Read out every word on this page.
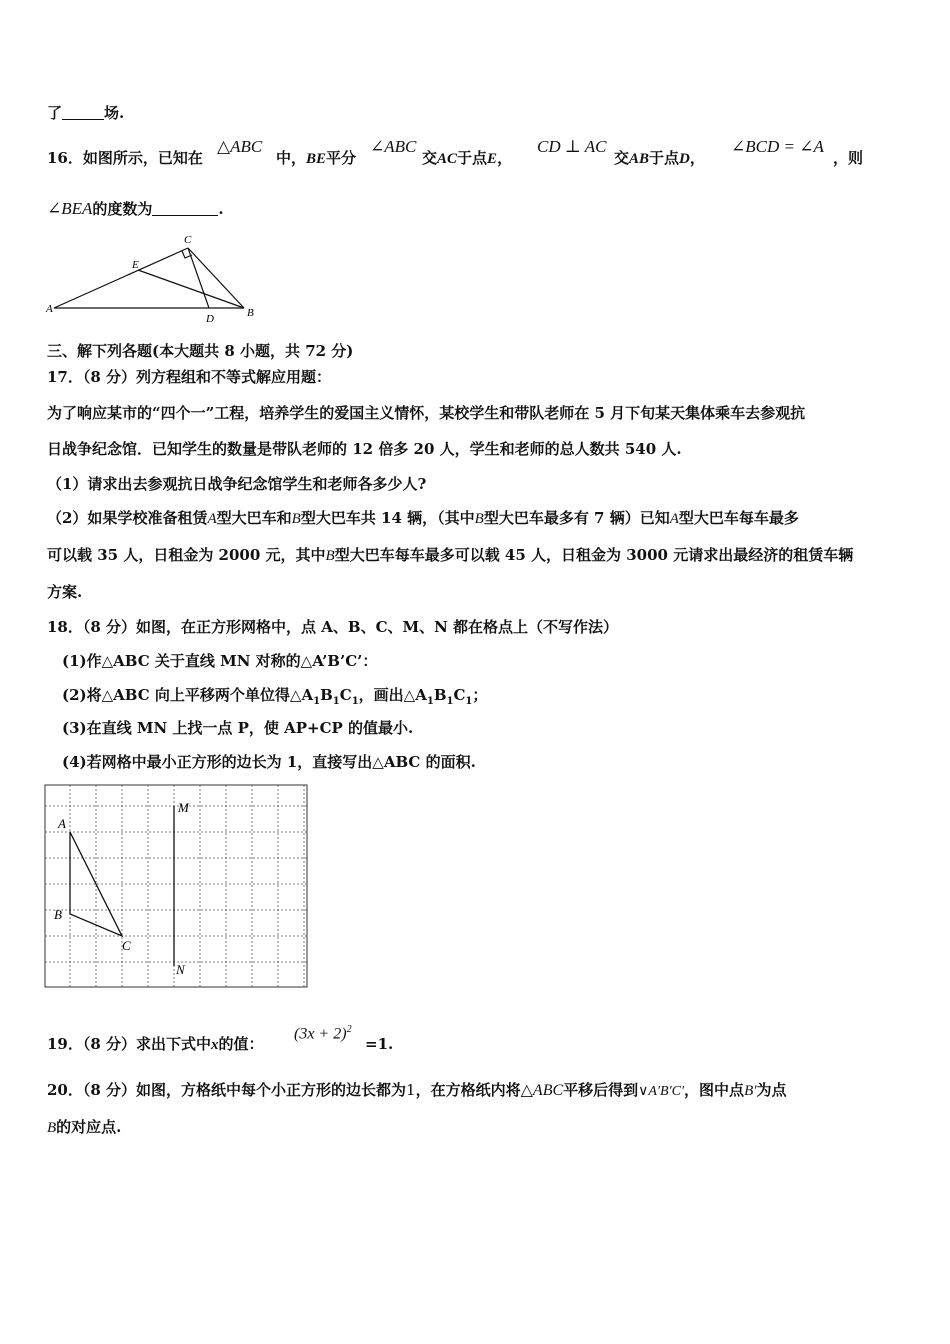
了	场.
16．如图所示，已知在
△ABC
中，BE平分
∠ABC
交AC于点E，
CD ⊥ AC
交AB于点D，
∠BCD = ∠A
，则
∠BEA的度数为	.
A	B
C
D
E
三、解下列各题(本大题共 8 小题，共 72 分)
17．（8 分）列方程组和不等式解应用题：
为了响应某市的“四个一”工程，培养学生的爱国主义情怀，某校学生和带队老师在 5 月下旬某天集体乘车去参观抗
日战争纪念馆．已知学生的数量是带队老师的 12 倍多 20 人，学生和老师的总人数共 540 人.
（1）请求出去参观抗日战争纪念馆学生和老师各多少人?
（2）如果学校准备租赁A型大巴车和B型大巴车共 14 辆，（其中B型大巴车最多有 7 辆）已知A型大巴车每车最多
可以载 35 人，日租金为 2000 元，其中B型大巴车每车最多可以载 45 人，日租金为 3000 元请求出最经济的租赁车辆
方案.
18．（8 分）如图，在正方形网格中，点 A、B、C、M、N 都在格点上（不写作法）
(1)作△ABC 关于直线 MN 对称的△A’B’C’：
(2)将△ABC 向上平移两个单位得$\triangle A_1B_1C_1$，画出$\triangle A_1B_1C_1$；
(3)在直线 MN 上找一点 P，使 AP+CP 的值最小.
(4)若网格中最小正方形的边长为 1，直接写出△ABC 的面积.
A
B
C
M
N
19．（8 分）求出下式中x的值：
$(3x + 2)^2$
=1.
20．（8 分）如图，方格纸中每个小正方形的边长都为1，在方格纸内将△ABC平移后得到∨A′B′C′，图中点B′为点
B的对应点.
